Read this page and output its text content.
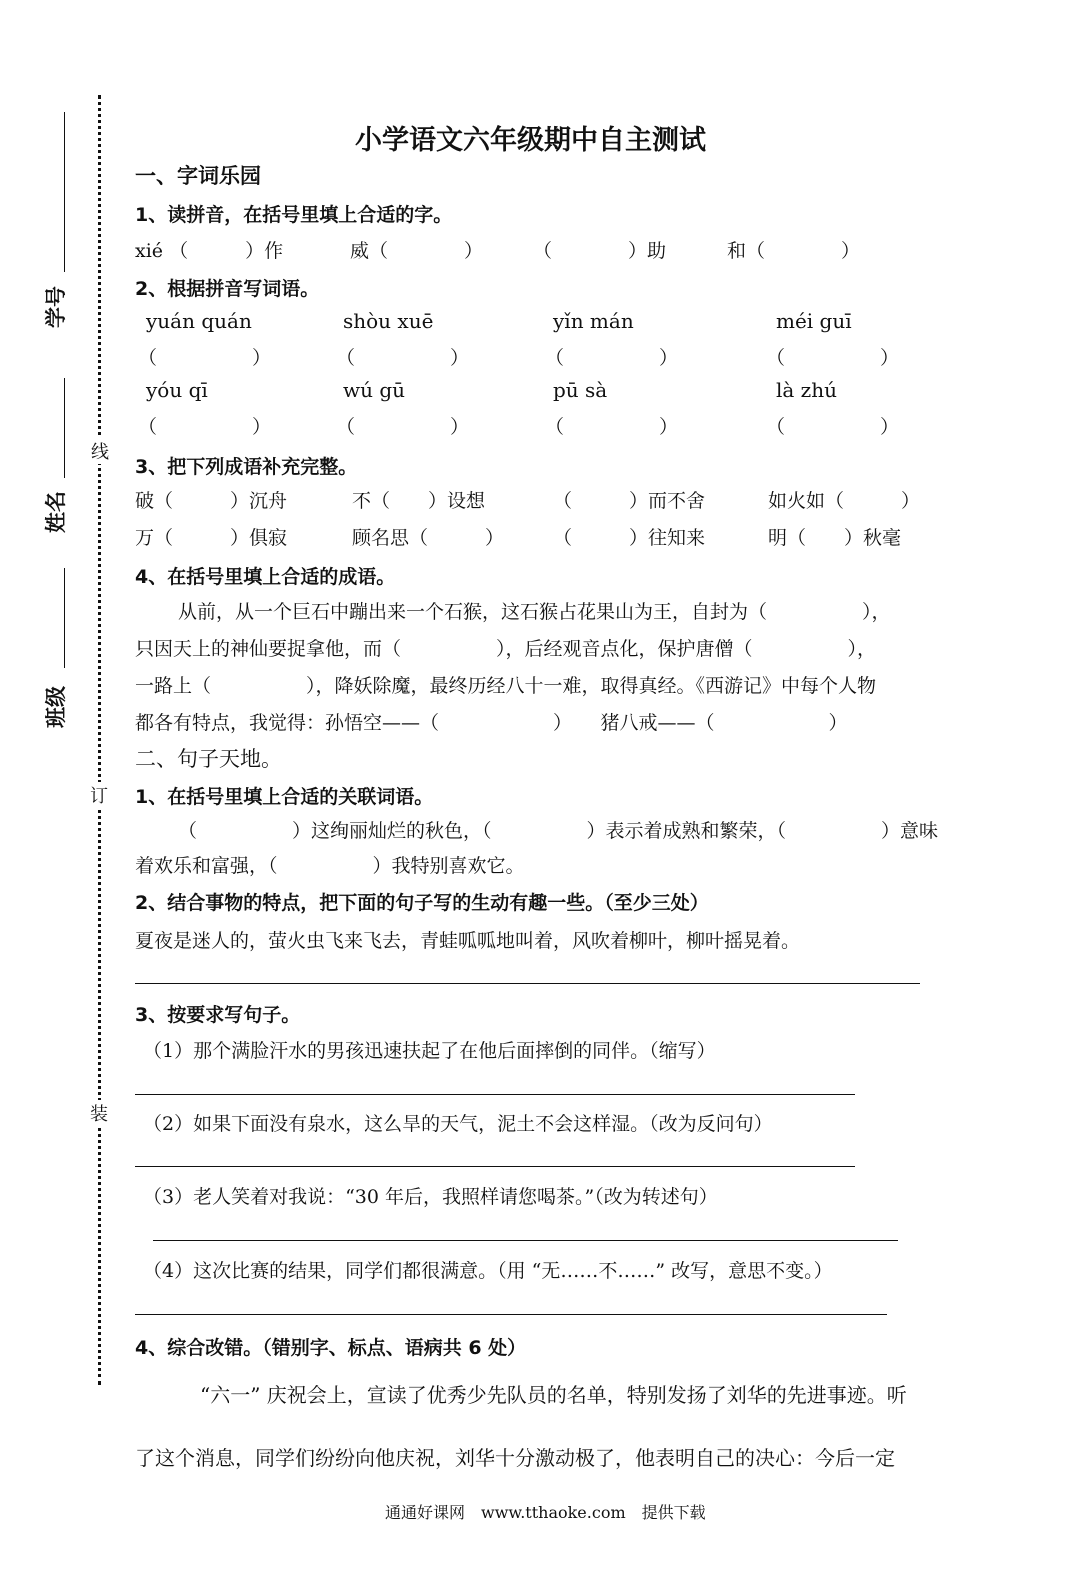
学号
姓名
班级
线
订
装
小学语文六年级期中自主测试
一、字词乐园
1、读拼音，在括号里填上合适的字。
xié （　　　）作	威（　　　　）	（　　　　）助	和（　　　　）
2、根据拼音写词语。
yuán quán	shòu xuē	yǐn mán	méi guī
（　　　　　）	（　　　　　）	（　　　　　）	（　　　　　）
yóu qī	wú gū	pū sà	là zhú
（　　　　　）	（　　　　　）	（　　　　　）	（　　　　　）
3、把下列成语补充完整。
破（　　　）沉舟	不（　　）设想	（　　　）而不舍	如火如（　　　）
万（　　　）俱寂	顾名思（　　　）	（　　　）往知来	明（　　）秋毫
4、在括号里填上合适的成语。
从前，从一个巨石中蹦出来一个石猴，这石猴占花果山为王，自封为（　　　　　），
只因天上的神仙要捉拿他，而（　　　　　），后经观音点化，保护唐僧（　　　　　），
一路上（　　　　　），降妖除魔，最终历经八十一难，取得真经。《西游记》中每个人物
都各有特点，我觉得：孙悟空——（　　　　　　）　　猪八戒——（　　　　　　）
二、句子天地。
1、在括号里填上合适的关联词语。
（　　　　　）这绚丽灿烂的秋色，（　　　　　）表示着成熟和繁荣，（　　　　　）意味
着欢乐和富强，（　　　　　）我特别喜欢它。
2、结合事物的特点，把下面的句子写的生动有趣一些。（至少三处）
夏夜是迷人的，萤火虫飞来飞去，青蛙呱呱地叫着，风吹着柳叶，柳叶摇晃着。
3、按要求写句子。
（1）那个满脸汗水的男孩迅速扶起了在他后面摔倒的同伴。（缩写）
（2）如果下面没有泉水，这么旱的天气，泥土不会这样湿。（改为反问句）
（3）老人笑着对我说：“30 年后，我照样请您喝茶。”（改为转述句）
（4）这次比赛的结果，同学们都很满意。（用 “无……不……” 改写，意思不变。）
4、综合改错。（错别字、标点、语病共 6 处）
“六一” 庆祝会上，宣读了优秀少先队员的名单，特别发扬了刘华的先进事迹。听
了这个消息，同学们纷纷向他庆祝，刘华十分激动极了，他表明自己的决心：今后一定
通通好课网　www.tthaoke.com　提供下载
